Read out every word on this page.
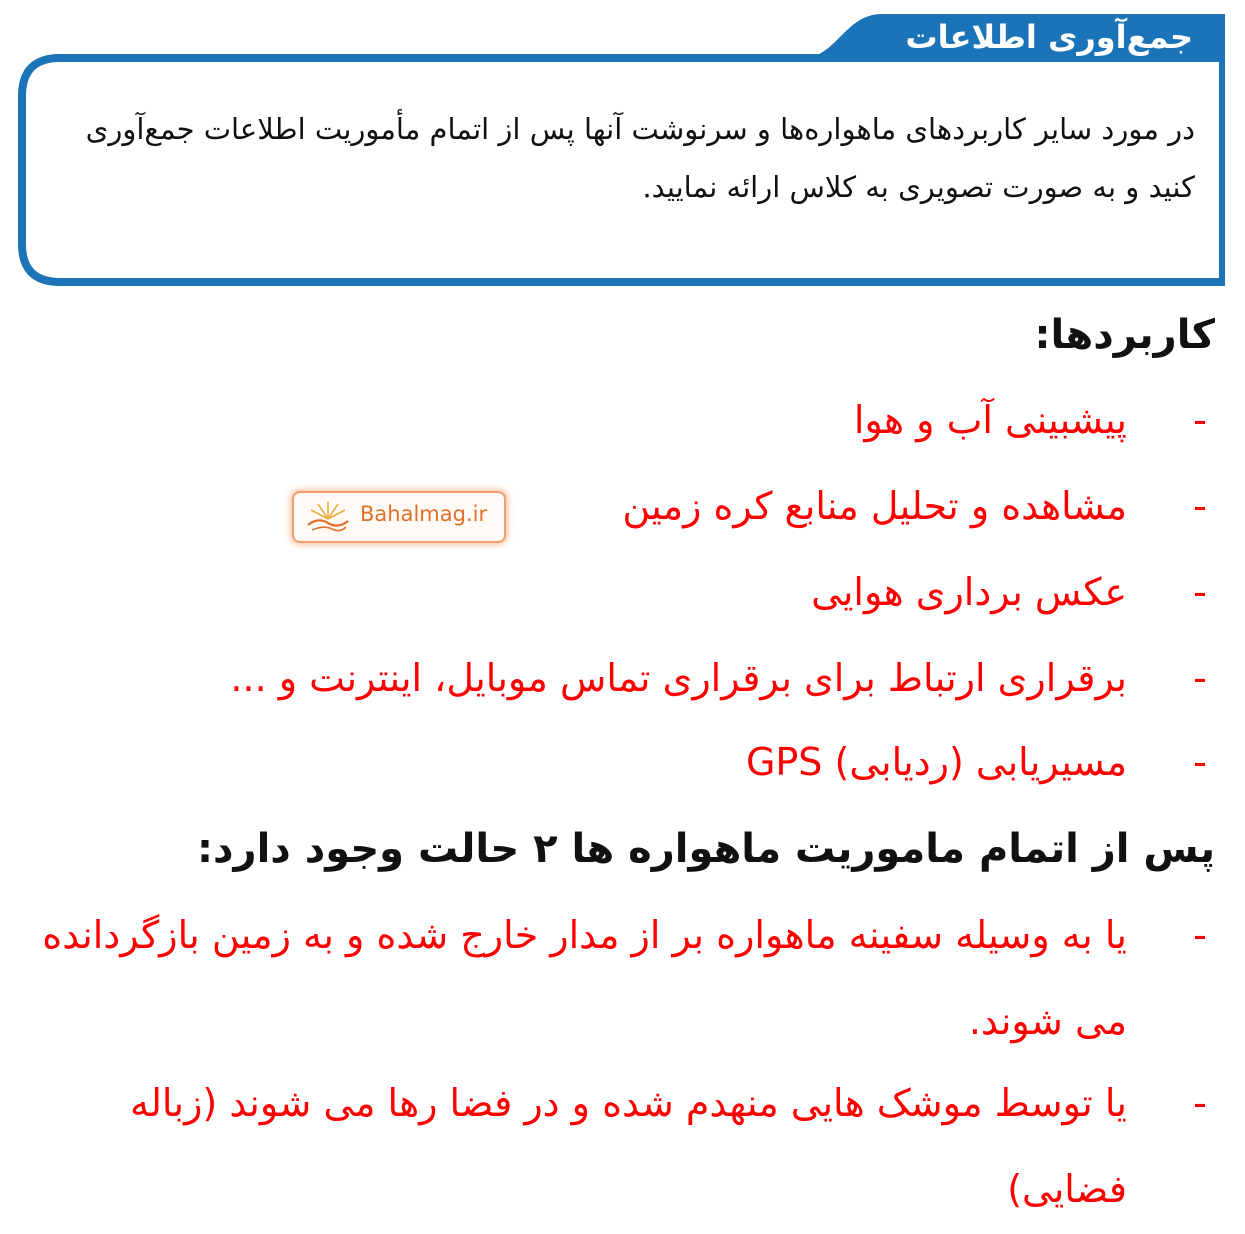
جمع‌آوری اطلاعات
در مورد سایر کاربردهای ماهواره‌ها و سرنوشت آنها پس از اتمام مأموریت اطلاعات جمع‌آوری کنید و به صورت تصویری به کلاس ارائه نمایید.
کاربردها:
-
پیشبینی آب و هوا
-
مشاهده و تحلیل منابع کره زمین
-
عکس برداری هوایی
-
برقراری ارتباط برای برقراری تماس موبایل، اینترنت و ...
-
مسیریابی (ردیابی) GPS
پس از اتمام ماموریت ماهواره ها ۲ حالت وجود دارد:
-
یا به وسیله سفینه ماهواره بر از مدار خارج شده و به زمین بازگردانده می شوند.
-
یا توسط موشک هایی منهدم شده و در فضا رها می شوند (زباله فضایی)
Bahalmag.ir
